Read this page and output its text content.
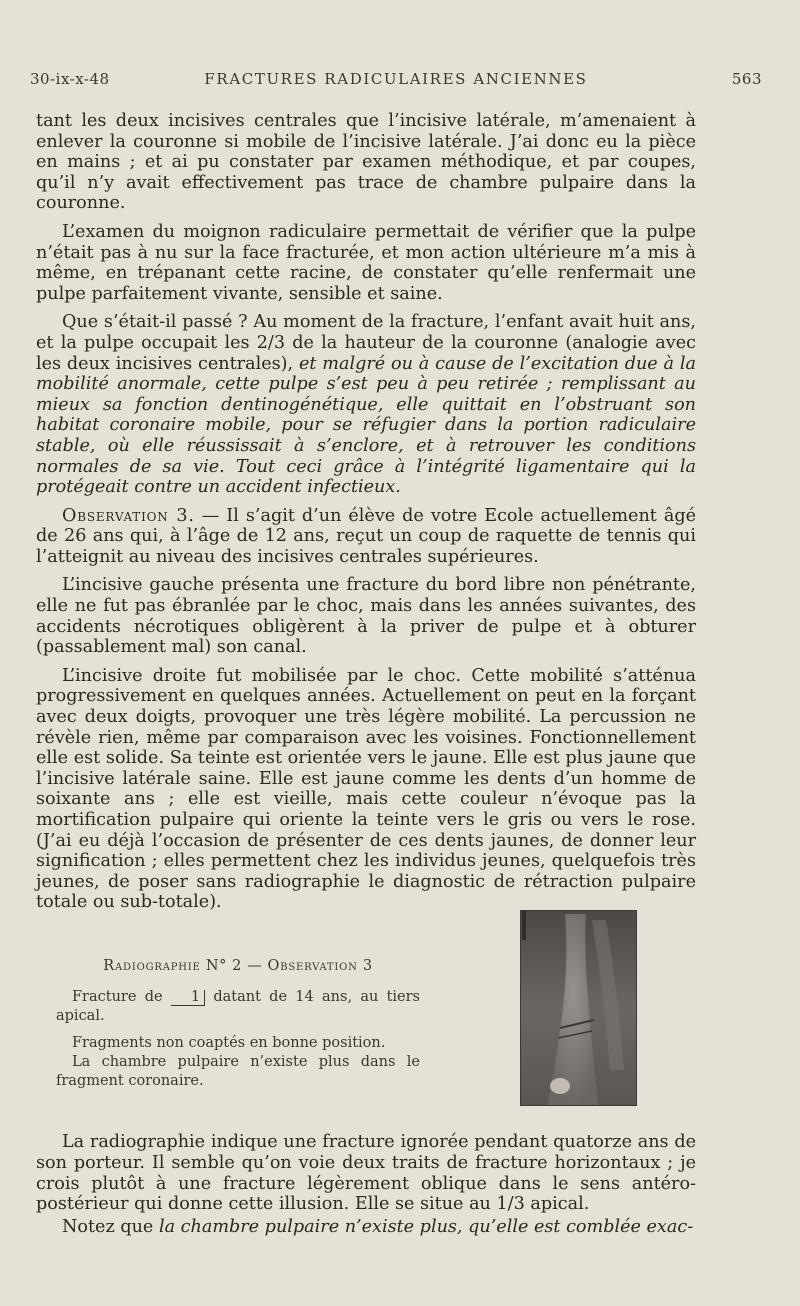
30-ix-x-48	FRACTURES RADICULAIRES ANCIENNES	563

tant les deux incisives centrales que l’incisive latérale, m’amenaient à enlever la couronne si mobile de l’incisive latérale. J’ai donc eu la pièce en mains ; et ai pu constater par examen méthodique, et par coupes, qu’il n’y avait effectivement pas trace de chambre pulpaire dans la couronne.

L’examen du moignon radiculaire permettait de vérifier que la pulpe n’était pas à nu sur la face fracturée, et mon action ultérieure m’a mis à même, en trépanant cette racine, de constater qu’elle renfermait une pulpe parfaitement vivante, sensible et saine.

Que s’était-il passé ? Au moment de la fracture, l’enfant avait huit ans, et la pulpe occupait les 2/3 de la hauteur de la couronne (analogie avec les deux incisives centrales), et malgré ou à cause de l’excitation due à la mobilité anormale, cette pulpe s’est peu à peu retirée ; remplissant au mieux sa fonction dentinogénétique, elle quittait en l’obstruant son habitat coronaire mobile, pour se réfugier dans la portion radiculaire stable, où elle réussissait à s’enclore, et à retrouver les conditions normales de sa vie. Tout ceci grâce à l’intégrité ligamentaire qui la protégeait contre un accident infectieux.

Observation 3. — Il s’agit d’un élève de votre Ecole actuellement âgé de 26 ans qui, à l’âge de 12 ans, reçut un coup de raquette de tennis qui l’atteignit au niveau des incisives centrales supérieures.

L’incisive gauche présenta une fracture du bord libre non pénétrante, elle ne fut pas ébranlée par le choc, mais dans les années suivantes, des accidents nécrotiques obligèrent à la priver de pulpe et à obturer (passablement mal) son canal.

L’incisive droite fut mobilisée par le choc. Cette mobilité s’atténua progressivement en quelques années. Actuellement on peut en la forçant avec deux doigts, provoquer une très légère mobilité. La percussion ne révèle rien, même par comparaison avec les voisines. Fonctionnellement elle est solide. Sa teinte est orientée vers le jaune. Elle est plus jaune que l’incisive latérale saine. Elle est jaune comme les dents d’un homme de soixante ans ; elle est vieille, mais cette couleur n’évoque pas la mortification pulpaire qui oriente la teinte vers le gris ou vers le rose. (J’ai eu déjà l’occasion de présenter de ces dents jaunes, de donner leur signification ; elles permettent chez les individus jeunes, quelquefois très jeunes, de poser sans radiographie le diagnostic de rétraction pulpaire totale ou sub-totale).

Radiographie N° 2 — Observation 3

Fracture de 1 datant de 14 ans, au tiers apical.

Fragments non coaptés en bonne position.

La chambre pulpaire n’existe plus dans le fragment coronaire.

La radiographie indique une fracture ignorée pendant quatorze ans de son porteur. Il semble qu’on voie deux traits de fracture horizontaux ; je crois plutôt à une fracture légèrement oblique dans le sens antéro-postérieur qui donne cette illusion. Elle se situe au 1/3 apical.

Notez que la chambre pulpaire n’existe plus, qu’elle est comblée exac-
